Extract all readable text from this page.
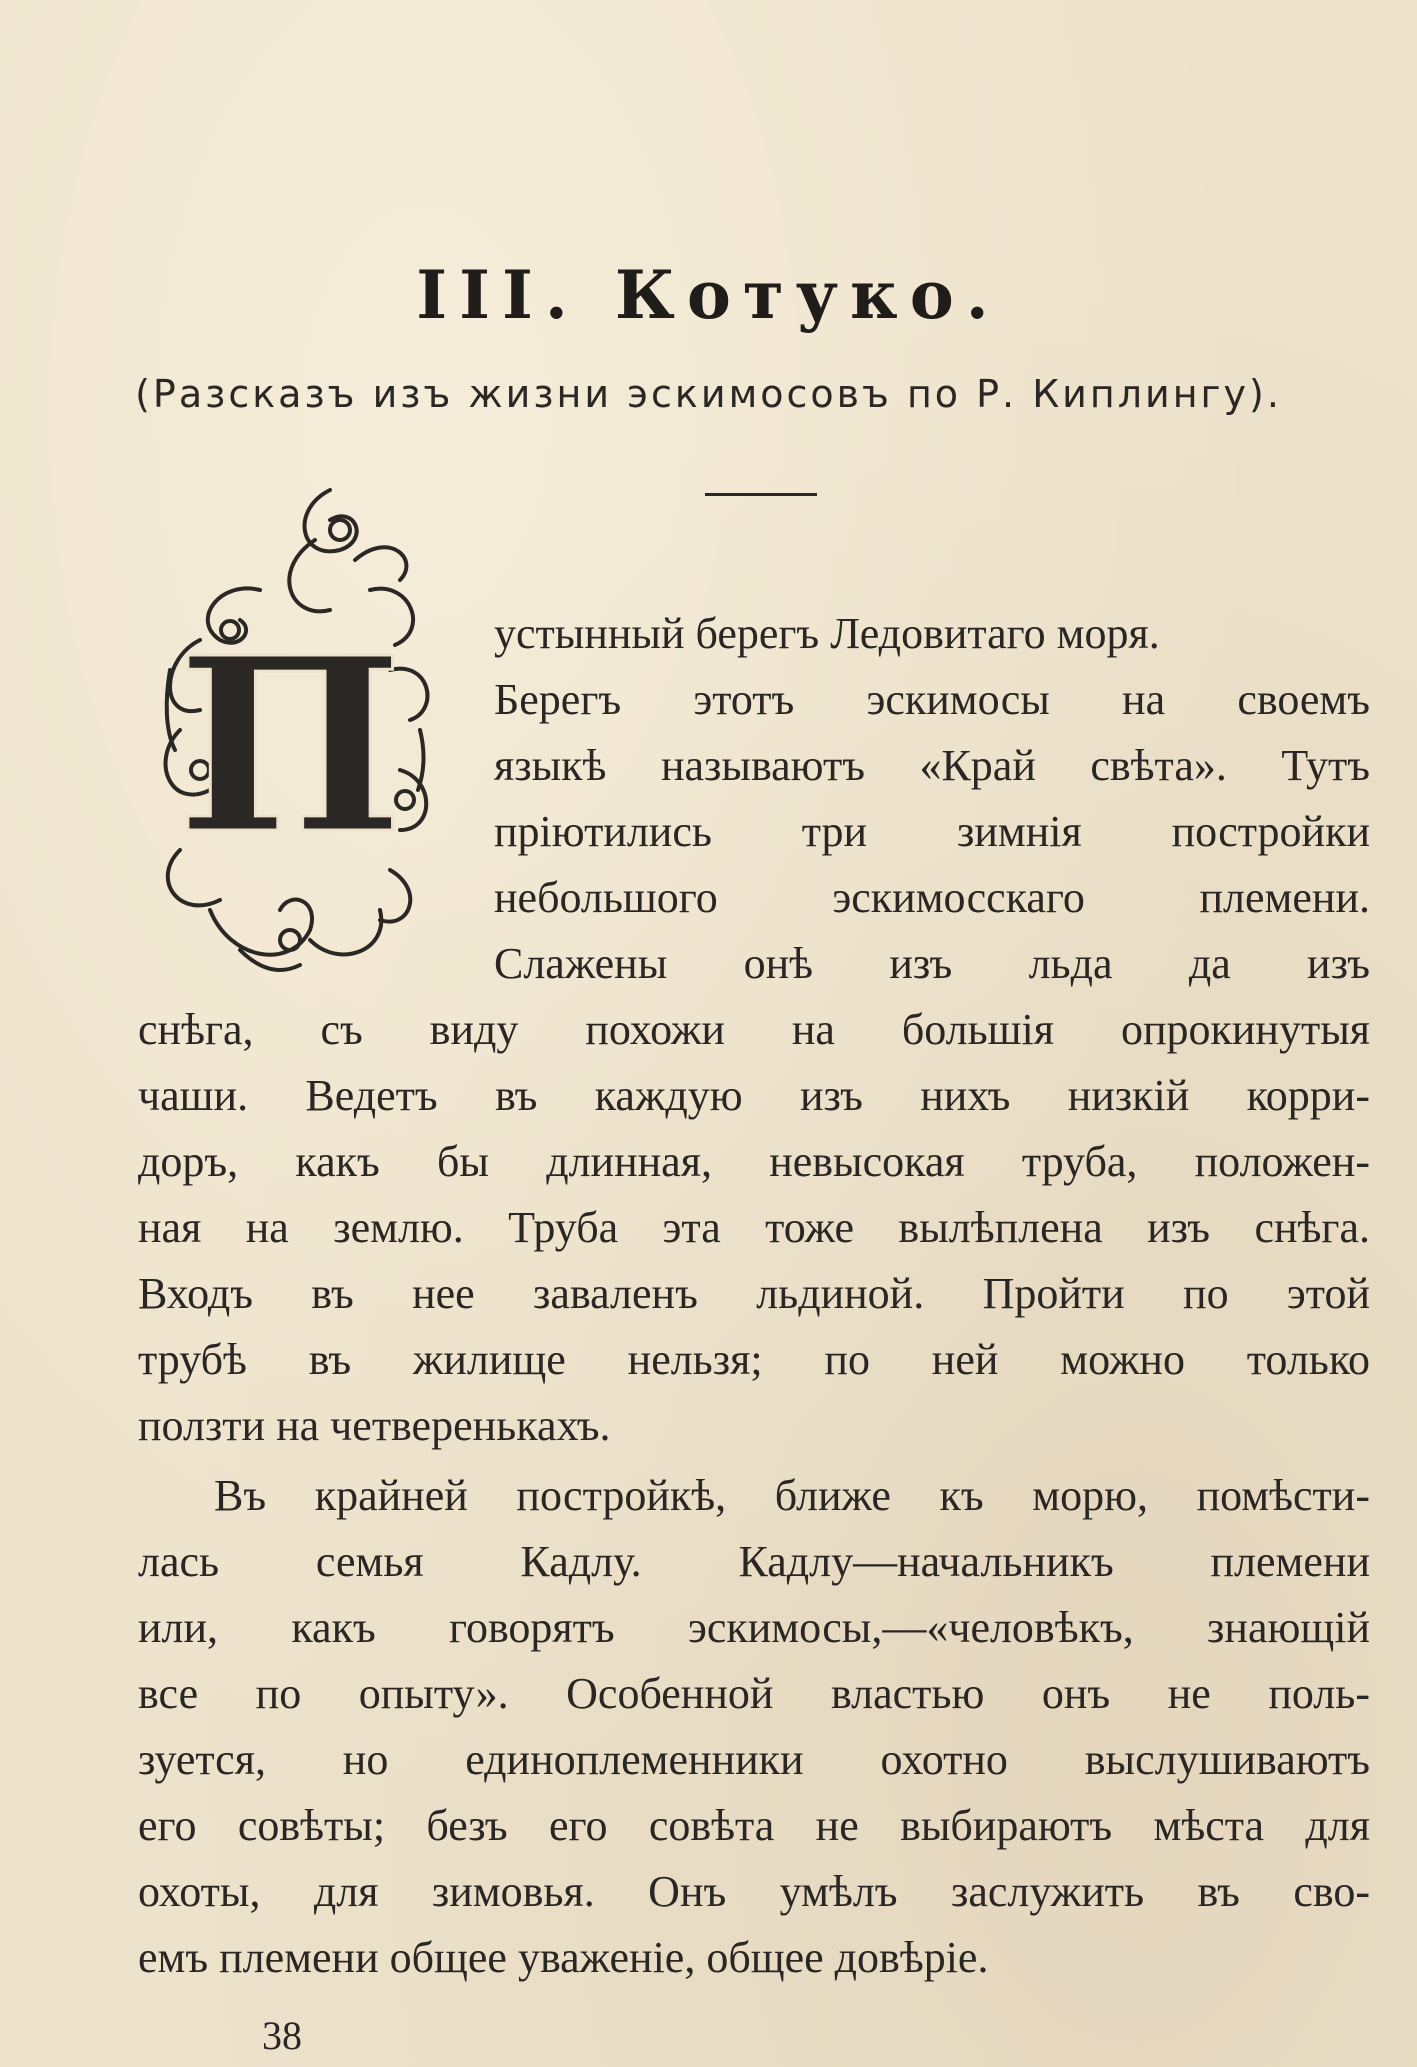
III. Котуко.
(Разсказъ изъ жизни эскимосовъ по Р. Киплингу).
П устынный берегъ Ледовитаго моря.
Берегъ этотъ эскимосы на своемъ
языкѣ называютъ «Край свѣта». Тутъ
пріютились три зимнія постройки
небольшого эскимосскаго племени.
Слажены онѣ изъ льда да изъ
снѣга, съ виду похожи на большія опрокинутыя
чаши. Ведетъ въ каждую изъ нихъ низкій корри-
доръ, какъ бы длинная, невысокая труба, положен-
ная на землю. Труба эта тоже вылѣплена изъ снѣга.
Входъ въ нее заваленъ льдиной. Пройти по этой
трубѣ въ жилище нельзя; по ней можно только
ползти на четверенькахъ.
Въ крайней постройкѣ, ближе къ морю, помѣсти-
лась семья Кадлу. Кадлу—начальникъ племени
или, какъ говорятъ эскимосы,—«человѣкъ, знающій
все по опыту». Особенной властью онъ не поль-
зуется, но единоплеменники охотно выслушиваютъ
его совѣты; безъ его совѣта не выбираютъ мѣста для
охоты, для зимовья. Онъ умѣлъ заслужить въ сво-
емъ племени общее уваженіе, общее довѣріе.
38
